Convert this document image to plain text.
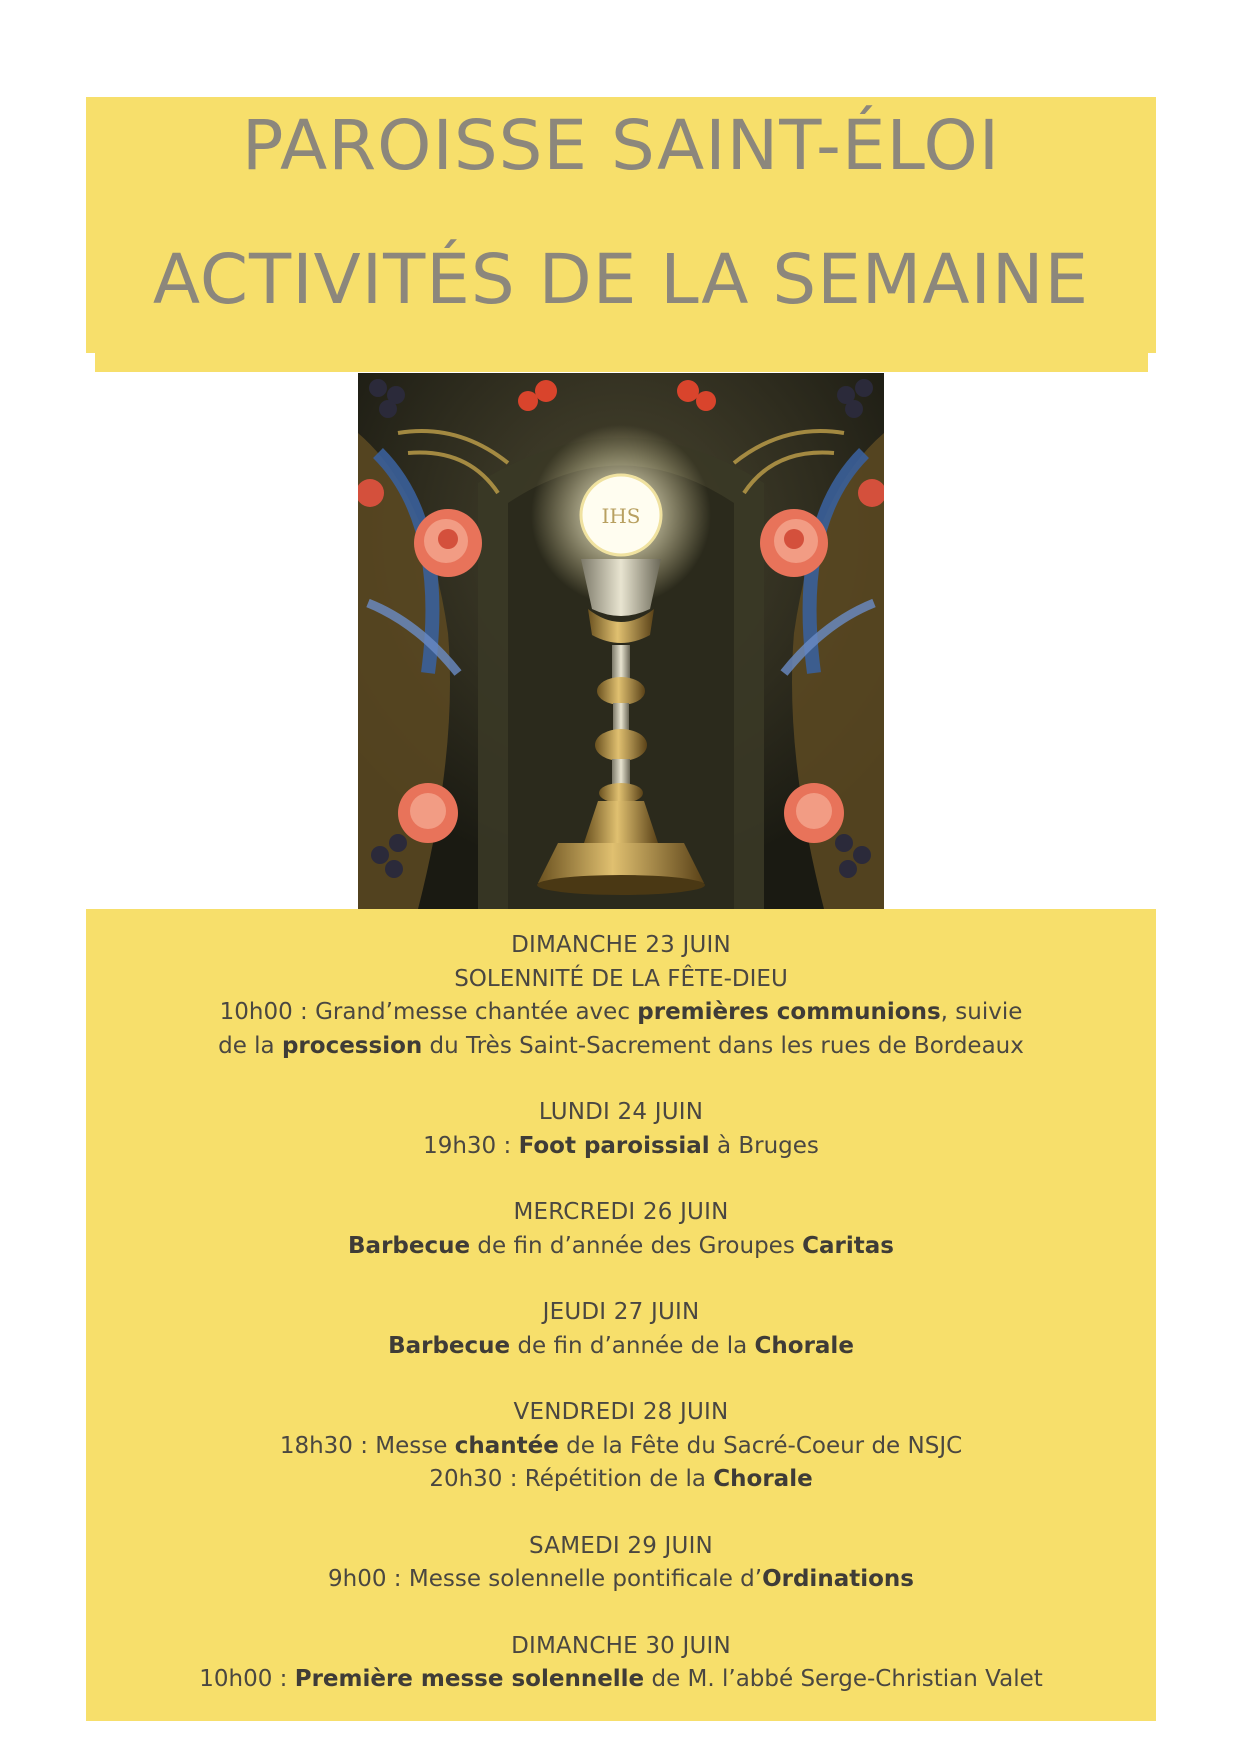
PAROISSE SAINT-ÉLOI
ACTIVITÉS DE LA SEMAINE
IHS
DIMANCHE 23 JUIN
SOLENNITÉ DE LA FÊTE-DIEU
10h00 : Grand’messe chantée avec premières communions, suivie
de la procession du Très Saint-Sacrement dans les rues de Bordeaux
LUNDI 24 JUIN
19h30 : Foot paroissial à Bruges
MERCREDI 26 JUIN
Barbecue de fin d’année des Groupes Caritas
JEUDI 27 JUIN
Barbecue de fin d’année de la Chorale
VENDREDI 28 JUIN
18h30 : Messe chantée de la Fête du Sacré-Coeur de NSJC
20h30 : Répétition de la Chorale
SAMEDI 29 JUIN
9h00 : Messe solennelle pontificale d’Ordinations
DIMANCHE 30 JUIN
10h00 : Première messe solennelle de M. l’abbé Serge-Christian Valet
